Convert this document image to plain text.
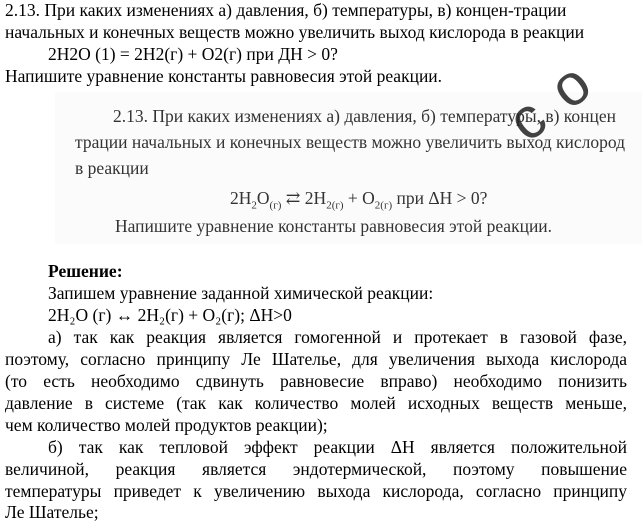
2.13. При каких изменениях а) давления, б) температуры, в) концен-трации
начальных и конечных веществ можно увеличить выход кислорода в реакции
2H2O (1) = 2H2(г) + O2(г) при ДН > 0?
Напишите уравнение константы равновесия этой реакции.
2.13. При каких изменениях а) давления, б) температуры, в) концен
трации начальных и конечных веществ можно увеличить выход кислород
в реакции
$2H_2O_{(г)}$ ⇄ $2H_{2(г)} + O_{2(г)}$ при ΔH > 0?
Напишите уравнение константы равновесия этой реакции.
c o
Решение:
Запишем уравнение заданной химической реакции:
2H₂O (г) ↔ 2H₂(г) + O₂(г); ΔH>0
а) так как реакция является гомогенной и протекает в газовой фазе,
поэтому, согласно принципу Ле Шателье, для увеличения выхода кислорода
(то есть необходимо сдвинуть равновесие вправо) необходимо понизить
давление в системе (так как количество молей исходных веществ меньше,
чем количество молей продуктов реакции);
б) так как тепловой эффект реакции ΔH является положительной
величиной, реакция является эндотермической, поэтому повышение
температуры приведет к увеличению выхода кислорода, согласно принципу
Ле Шателье;
